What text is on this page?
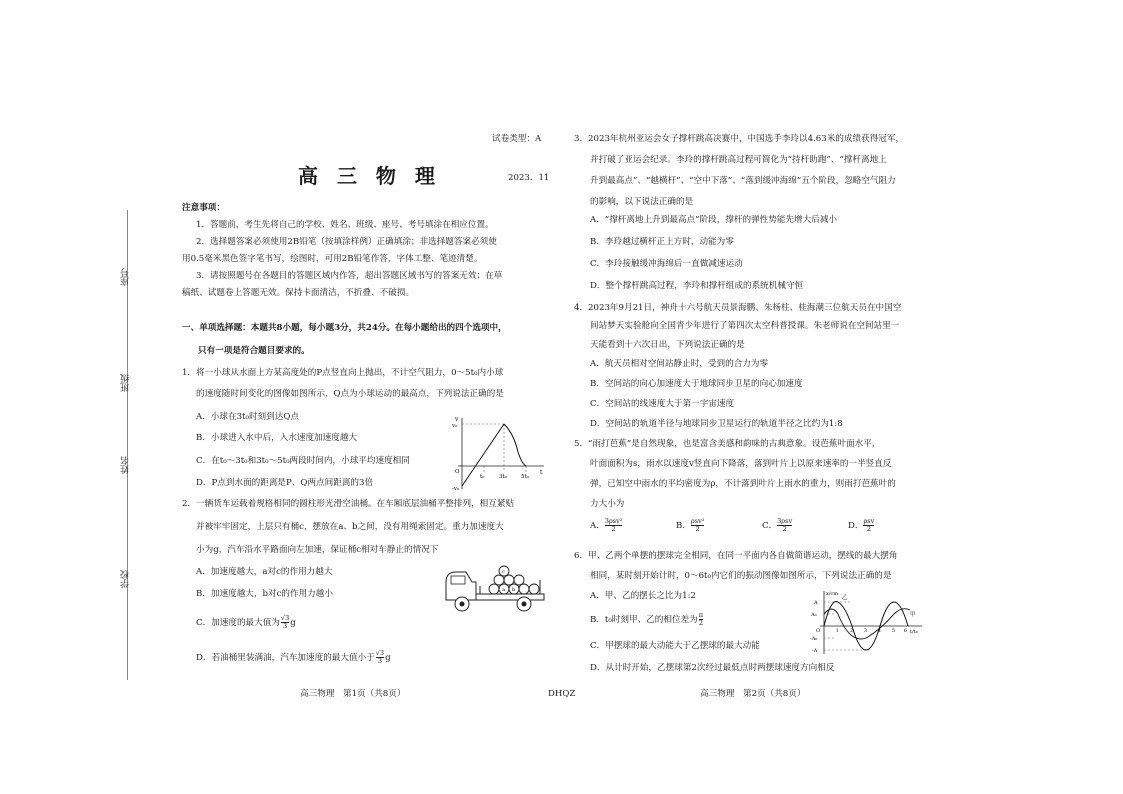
座号
班级
姓名
学校
试卷类型：A
高 三 物 理	2023．11
注意事项：
1．答题前，考生先将自己的学校、姓名、班级、座号、考号填涂在相应位置。
2．选择题答案必须使用2B铅笔（按填涂样例）正确填涂；非选择题答案必须使
用0.5毫米黑色签字笔书写，绘图时，可用2B铅笔作答，字体工整、笔迹清楚。
3．请按照题号在各题目的答题区域内作答，超出答题区域书写的答案无效；在草
稿纸、试题卷上答题无效。保持卡面清洁，不折叠、不破损。
一、单项选择题：本题共8小题，每小题3分，共24分。在每小题给出的四个选项中，
只有一项是符合题目要求的。
1．将一小球从水面上方某高度处的P点竖直向上抛出，不计空气阻力，0～5t₀内小球
的速度随时间变化的图像如图所示，Q点为小球运动的最高点，下列说法正确的是
A．小球在3t₀时刻到达Q点
B．小球进入水中后，入水速度加速度越大
C．在t₀～3t₀和3t₀～5t₀两段时间内，小球平均速度相同
D．P点到水面的距离是P、Q两点间距离的3倍
v
v₀
-v₀
O
t₀	3t₀	5t₀
t
2．一辆货车运载着规格相同的圆柱形光滑空油桶。在车厢底层油桶平整排列，相互紧贴
并被牢牢固定，上层只有桶c，摆放在a、b之间，没有用绳索固定。重力加速度大
小为g，汽车沿水平路面向左加速，保证桶c相对车静止的情况下
A．加速度越大，a对c的作用力越大
B．加速度越大，b对c的作用力越小
C．加速度的最大值为 $\frac{√3}{3}$ g
D．若油桶里装满油，汽车加速度的最大值小于 $\frac{√3}{3}$ g
a b
c
3．2023年杭州亚运会女子撑杆跳高决赛中，中国选手李玲以4.63米的成绩获得冠军，
并打破了亚运会纪录。李玲的撑杆跳高过程可简化为“持杆助跑”、“撑杆离地上
升到最高点”、“越横杆”、“空中下落”、“落到缓冲海绵”五个阶段，忽略空气阻力
的影响，以下说法正确的是
A．“撑杆离地上升到最高点”阶段，撑杆的弹性势能先增大后减小
B．李玲越过横杆正上方时，动能为零
C．李玲接触缓冲海绵后一直做减速运动
D．整个撑杆跳高过程，李玲和撑杆组成的系统机械守恒
4．2023年9月21日，神舟十六号航天员景海鹏、朱杨柱、桂海潮三位航天员在中国空
间站梦天实验舱向全国青少年进行了第四次太空科普授课。朱老师说在空间站里一
天能看到十六次日出，下列说法正确的是
A．航天员相对空间站静止时，受到的合力为零
B．空间站的向心加速度大于地球同步卫星的向心加速度
C．空间站的线速度大于第一宇宙速度
D．空间站的轨道半径与地球同步卫星运行的轨道半径之比约为1:8
5．“雨打芭蕉”是自然现象，也是富含美感和韵味的古典意象。设芭蕉叶面水平，
叶面面积为s，雨水以速度v竖直向下降落，落到叶片上以原来速率的一半竖直反
弹，已知空中雨水的平均密度为ρ，不计落到叶片上雨水的重力，则雨打芭蕉叶的
力大小为
A． 3ρsv²
2	B． ρsv²
2	C． 3ρsv
2	D． ρsv
2
6．甲、乙两个单摆的摆球完全相同，在同一平面内各自做简谐运动，摆线的最大摆角
相同，某时刻开始计时，0～6t₀内它们的振动图像如图所示，下列说法正确的是
A．甲、乙的摆长之比为1:2
B．t₀时刻甲、乙的相位差为 $\frac{\pi}{2}$
C．甲摆球的最大动能大于乙摆球的最大动能
D．从计时开始，乙摆球第2次经过最低点时两摆球速度方向相反
x/cm
A
A₀
O
-A₀
-A
t/t₀
甲
乙
1 2 3 4 5 6
高三物理　第1页（共8页）	DHQZ	高三物理　第2页（共8页）
